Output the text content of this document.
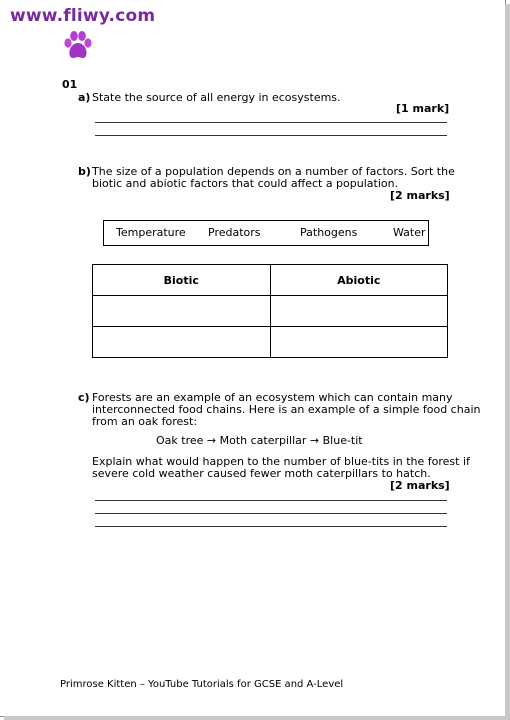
www.fliwy.com
01
a) State the source of all energy in ecosystems.
[1 mark]
b) The size of a population depends on a number of factors. Sort the
biotic and abiotic factors that could affect a population.
[2 marks]
Temperature Predators	Pathogens	Water
Biotic	Abiotic

c) Forests are an example of an ecosystem which can contain many
interconnected food chains. Here is an example of a simple food chain
from an oak forest:
Oak tree → Moth caterpillar → Blue-tit
Explain what would happen to the number of blue-tits in the forest if
severe cold weather caused fewer moth caterpillars to hatch.
[2 marks]
Primrose Kitten – YouTube Tutorials for GCSE and A-Level
